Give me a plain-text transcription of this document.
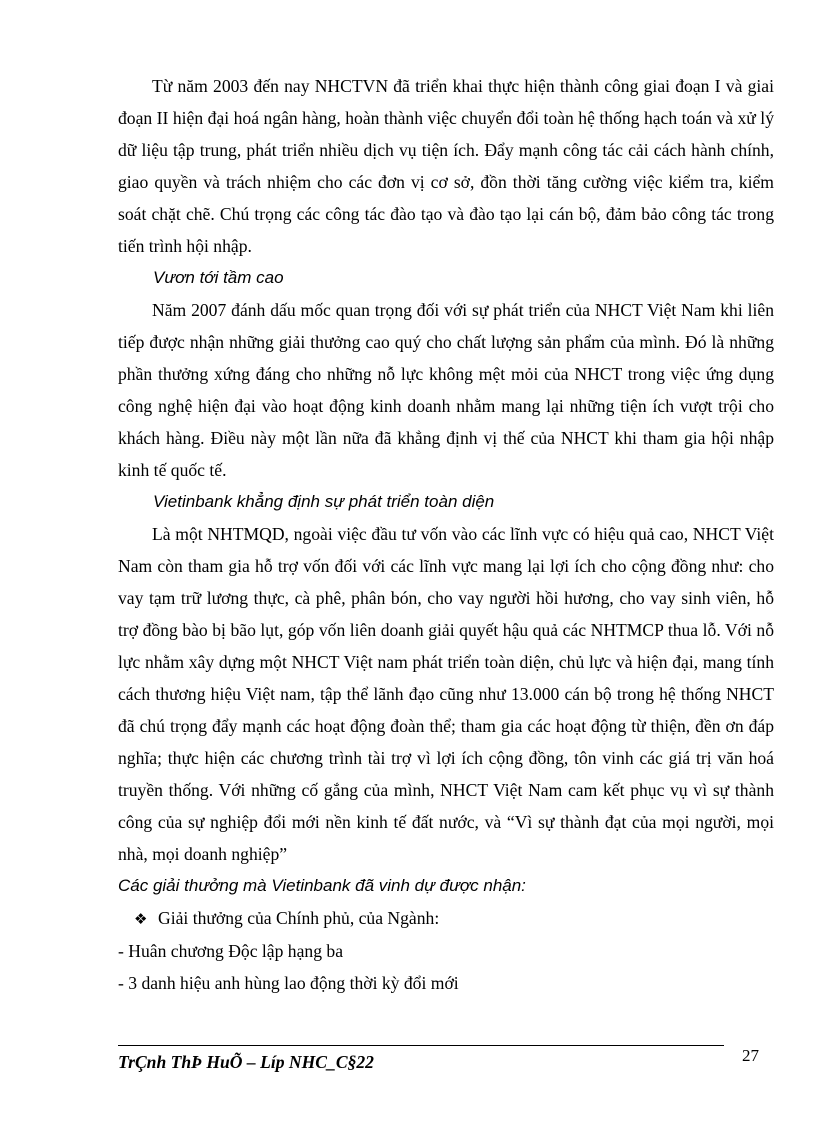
Từ năm 2003 đến nay NHCTVN đã triển khai thực hiện thành công giai đoạn I và giai đoạn II hiện đại hoá ngân hàng, hoàn thành việc chuyển đổi toàn hệ thống hạch toán và xử lý dữ liệu tập trung, phát triển nhiều dịch vụ tiện ích. Đẩy mạnh công tác cải cách hành chính, giao quyền và trách nhiệm cho các đơn vị cơ sở, đồn thời tăng cường việc kiểm tra, kiểm soát chặt chẽ. Chú trọng các công tác đào tạo và đào tạo lại cán bộ, đảm bảo công tác trong tiến trình hội nhập.

Vươn tới tầm cao

Năm 2007 đánh dấu mốc quan trọng đối với sự phát triển của NHCT Việt Nam khi liên tiếp được nhận những giải thưởng cao quý cho chất lượng sản phẩm của mình. Đó là những phần thưởng xứng đáng cho những nỗ lực không mệt mỏi của NHCT trong việc ứng dụng công nghệ hiện đại vào hoạt động kinh doanh nhằm mang lại những tiện ích vượt trội cho khách hàng. Điều này một lần nữa đã khẳng định vị thế của NHCT khi tham gia hội nhập kinh tế quốc tế.

Vietinbank khẳng định sự phát triển toàn diện

Là một NHTMQD, ngoài việc đầu tư vốn vào các lĩnh vực có hiệu quả cao, NHCT Việt Nam còn tham gia hỗ trợ vốn đối với các lĩnh vực mang lại lợi ích cho cộng đồng như: cho vay tạm trữ lương thực, cà phê, phân bón, cho vay người hồi hương, cho vay sinh viên, hỗ trợ đồng bào bị bão lụt, góp vốn liên doanh giải quyết hậu quả các NHTMCP thua lỗ. Với nỗ lực nhằm xây dựng một NHCT Việt nam phát triển toàn diện, chủ lực và hiện đại, mang tính cách thương hiệu Việt nam, tập thể lãnh đạo cũng như 13.000 cán bộ trong hệ thống NHCT đã chú trọng đẩy mạnh các hoạt động đoàn thể; tham gia các hoạt động từ thiện, đền ơn đáp nghĩa; thực hiện các chương trình tài trợ vì lợi ích cộng đồng, tôn vinh các giá trị văn hoá truyền thống. Với những cố gắng của mình, NHCT Việt Nam cam kết phục vụ vì sự thành công của sự nghiệp đổi mới nền kinh tế đất nước, và “Vì sự thành đạt của mọi người, mọi nhà, mọi doanh nghiệp”

Các giải thưởng mà Vietinbank đã vinh dự được nhận:

❖ Giải thưởng của Chính phủ, của Ngành:

- Huân chương Độc lập hạng ba

- 3 danh hiệu anh hùng lao động thời kỳ đổi mới

TrÇnh ThÞ HuÕ – Líp NHC_C§22	27
